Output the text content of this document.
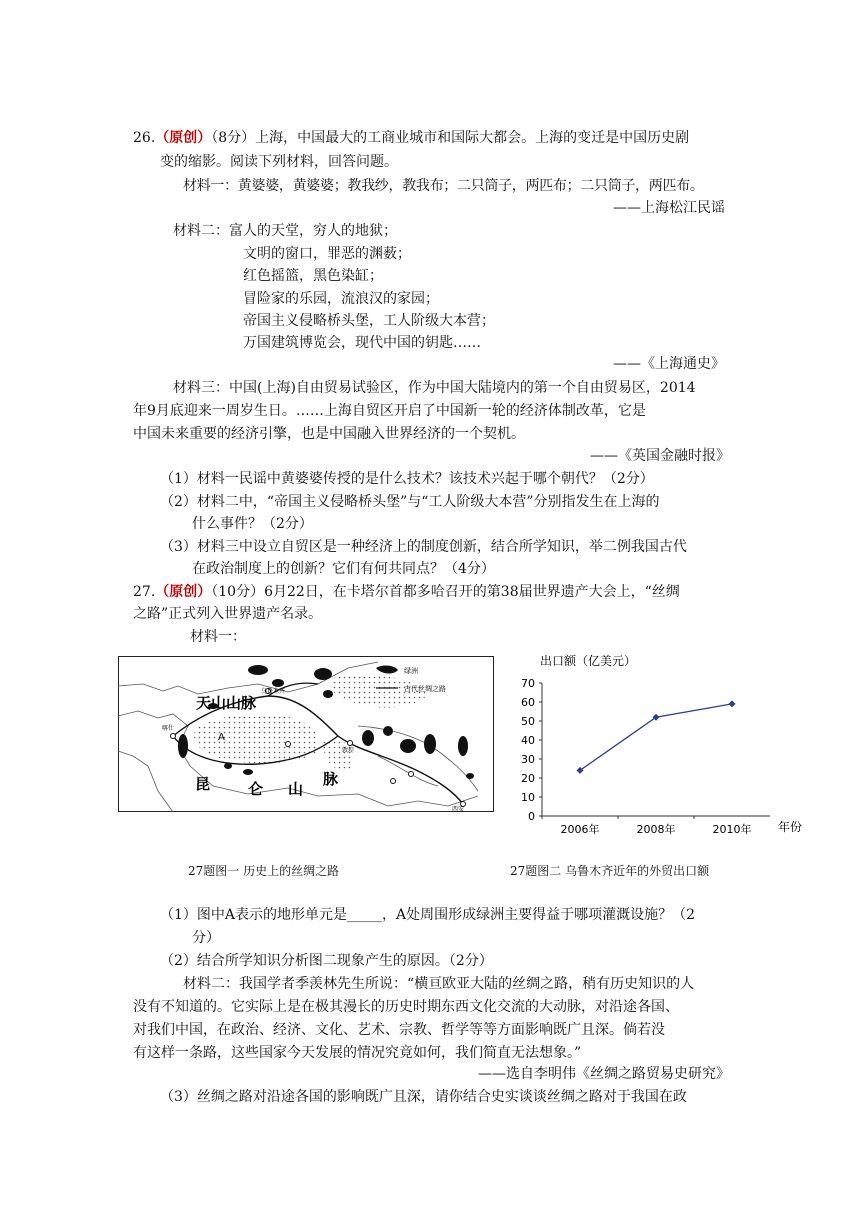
26.（原创）（8分）上海，中国最大的工商业城市和国际大都会。上海的变迁是中国历史剧
变的缩影。阅读下列材料，回答问题。
材料一：黄婆婆，黄婆婆；教我纱，教我布；二只筒子，两匹布；二只筒子，两匹布。
——上海松江民谣
材料二：富人的天堂，穷人的地狱；
文明的窗口，罪恶的渊薮；
红色摇篮，黑色染缸；
冒险家的乐园，流浪汉的家园；
帝国主义侵略桥头堡，工人阶级大本营；
万国建筑博览会，现代中国的钥匙……
——《上海通史》
材料三：中国(上海)自由贸易试验区，作为中国大陆境内的第一个自由贸易区，2014
年9月底迎来一周岁生日。……上海自贸区开启了中国新一轮的经济体制改革，它是
中国未来重要的经济引擎，也是中国融入世界经济的一个契机。
——《英国金融时报》
（1）材料一民谣中黄婆婆传授的是什么技术？该技术兴起于哪个朝代？（2分）
（2）材料二中，“帝国主义侵略桥头堡”与“工人阶级大本营”分别指发生在上海的
什么事件？（2分）
（3）材料三中设立自贸区是一种经济上的制度创新，结合所学知识，举二例我国古代
在政治制度上的创新？它们有何共同点？（4分）
27.（原创）（10分）6月22日，在卡塔尔首都多哈召开的第38届世界遗产大会上，“丝绸
之路”正式列入世界遗产名录。
材料一：
绿洲
古代丝绸之路
天山山脉
乌鲁木齐
A
敦煌
西安
喀什
昆	仑 山
脉
出口额（亿美元）
年份
0
10
20
30
40
50
60
70
2006年	2008年	2010年
27题图一 历史上的丝绸之路	27题图二 乌鲁木齐近年的外贸出口额
（1）图中A表示的地形单元是_____，A处周围形成绿洲主要得益于哪项灌溉设施？（2
分）
（2）结合所学知识分析图二现象产生的原因。（2分）
材料二：我国学者季羡林先生所说：“横亘欧亚大陆的丝绸之路，稍有历史知识的人
没有不知道的。它实际上是在极其漫长的历史时期东西文化交流的大动脉，对沿途各国、
对我们中国，在政治、经济、文化、艺术、宗教、哲学等等方面影响既广且深。倘若没
有这样一条路，这些国家今天发展的情况究竟如何，我们简直无法想象。”
——选自李明伟《丝绸之路贸易史研究》
（3）丝绸之路对沿途各国的影响既广且深，请你结合史实谈谈丝绸之路对于我国在政
